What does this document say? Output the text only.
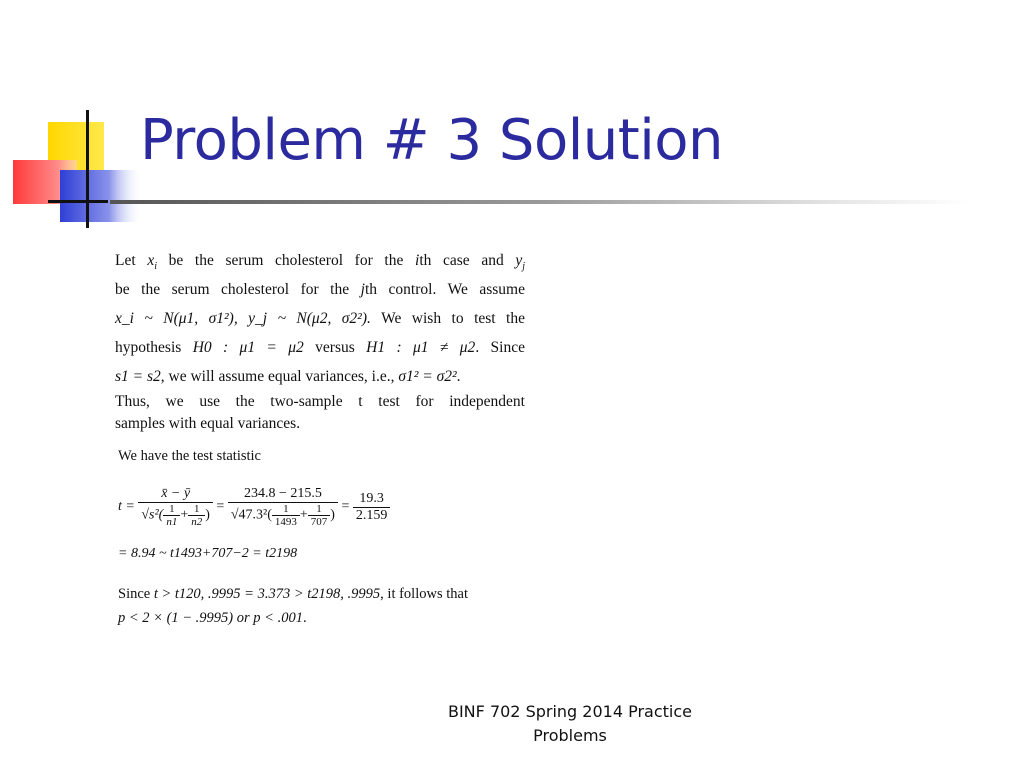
Problem # 3 Solution
Let $x_i$ be the serum cholesterol for the ith case and $y_j$
be the serum cholesterol for the jth control. We assume
x_i ~ N(μ1, σ1²), y_j ~ N(μ2, σ2²). We wish to test the
hypothesis H0 : μ1 = μ2 versus H1 : μ1 ≠ μ2. Since
s1 = s2, we will assume equal variances, i.e., σ1² = σ2².
Thus, we use the two-sample t test for independent
samples with equal variances.
We have the test statistic
$t = \frac{x̄ - ȳ}{√s^2( \frac{1}{n1} + \frac{1}{n2} )} = \frac{234.8 - 215.5}{√47.3^2( \frac{1}{1493} + \frac{1}{707} )} = \frac{19.3}{2.159}$
= 8.94 ~ t1493+707−2 = t2198
Since t > t120, .9995 = 3.373 > t2198, .9995, it follows that
p < 2 × (1 − .9995) or p < .001.
BINF 702 Spring 2014 Practice
Problems
